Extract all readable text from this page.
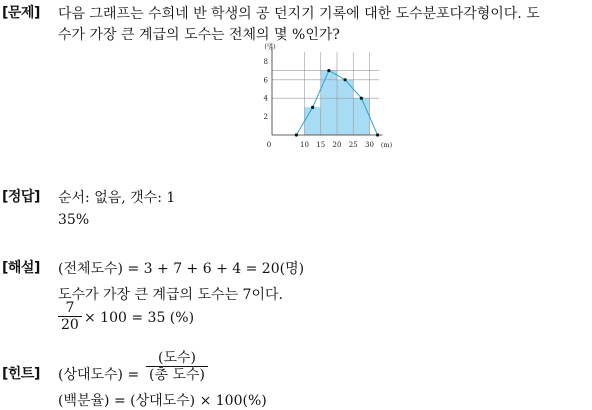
[문제] 다음 그래프는 수희네 반 학생의 공 던지기 기록에 대한 도수분포다각형이다. 도
수가 가장 큰 계급의 도수는 전체의 몇 %인가?
0	10 15 20 25 30
2
4
6
8
(명)
(m)
[정답] 순서: 없음, 갯수: 1
35%
[해설] (전체도수) = 3 + 7 + 6 + 4 = 20(명)
도수가 가장 큰 계급의 도수는 7이다.
7
20 × 100 = 35 (%)
[힌트] (상대도수) =
(도수)
(총 도수)
(백분율) = (상대도수) × 100(%)
